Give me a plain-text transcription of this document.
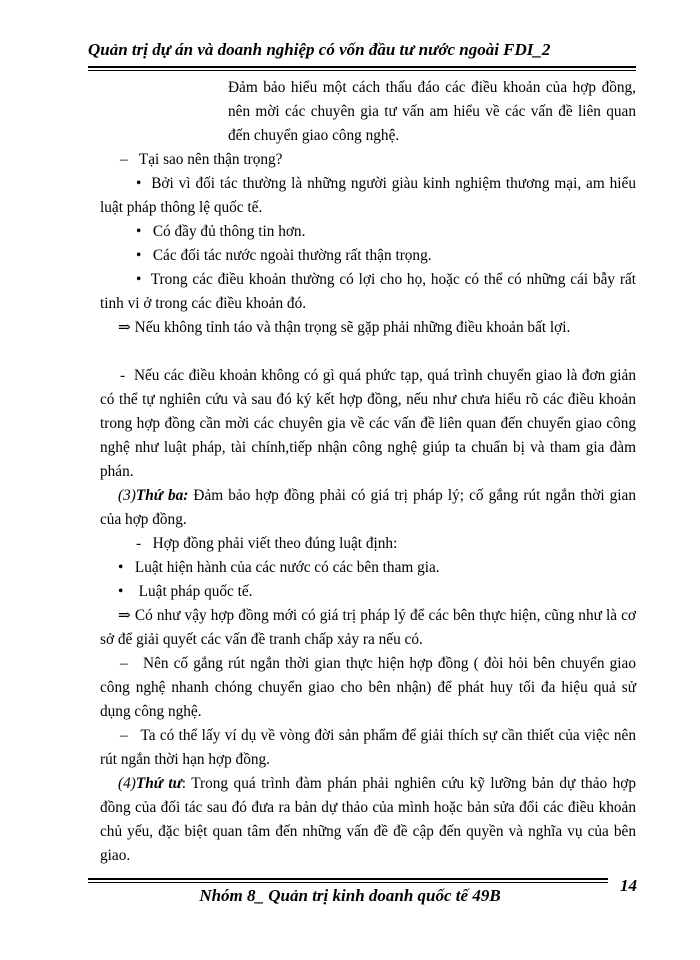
Quản trị dự án và doanh nghiệp có vốn đầu tư nước ngoài FDI_2

Đảm bảo hiểu một cách thấu đáo các điều khoản của hợp đồng, nên mời các chuyên gia tư vấn am hiểu về các vấn đề liên quan đến chuyển giao công nghệ.

– Tại sao nên thận trọng?

• Bởi vì đối tác thường là những người giàu kinh nghiệm thương mại, am hiểu luật pháp thông lệ quốc tế.

• Có đầy đủ thông tin hơn.

• Các đối tác nước ngoài thường rất thận trọng.

• Trong các điều khoản thường có lợi cho họ, hoặc có thể có những cái bẫy rất tinh vi ở trong các điều khoản đó.

⇒ Nếu không tỉnh táo và thận trọng sẽ gặp phải những điều khoản bất lợi.

- Nếu các điều khoản không có gì quá phức tạp, quá trình chuyển giao là đơn giản có thể tự nghiên cứu và sau đó ký kết hợp đồng, nếu như chưa hiểu rõ các điều khoản trong hợp đồng cần mời các chuyên gia về các vấn đề liên quan đến chuyển giao công nghệ như luật pháp, tài chính,tiếp nhận công nghệ giúp ta chuẩn bị và tham gia đàm phán.

(3)Thứ ba: Đảm bảo hợp đồng phải có giá trị pháp lý; cố gắng rút ngắn thời gian của hợp đồng.

- Hợp đồng phải viết theo đúng luật định:

• Luật hiện hành của các nước có các bên tham gia.

• Luật pháp quốc tế.

⇒ Có như vậy hợp đồng mới có giá trị pháp lý để các bên thực hiện, cũng như là cơ sở để giải quyết các vấn đề tranh chấp xảy ra nếu có.

– Nên cố gắng rút ngắn thời gian thực hiện hợp đồng ( đòi hỏi bên chuyển giao công nghệ nhanh chóng chuyển giao cho bên nhận) để phát huy tối đa hiệu quả sử dụng công nghệ.

– Ta có thể lấy ví dụ về vòng đời sản phẩm để giải thích sự cần thiết của việc nên rút ngắn thời hạn hợp đồng.

(4)Thứ tư: Trong quá trình đàm phán phải nghiên cứu kỹ lưỡng bản dự thảo hợp đồng của đối tác sau đó đưa ra bản dự thảo của mình hoặc bản sửa đổi các điều khoản chủ yếu, đặc biệt quan tâm đến những vấn đề đề cập đến quyền và nghĩa vụ của bên giao.

Nhóm 8_ Quản trị kinh doanh quốc tế 49B
14
